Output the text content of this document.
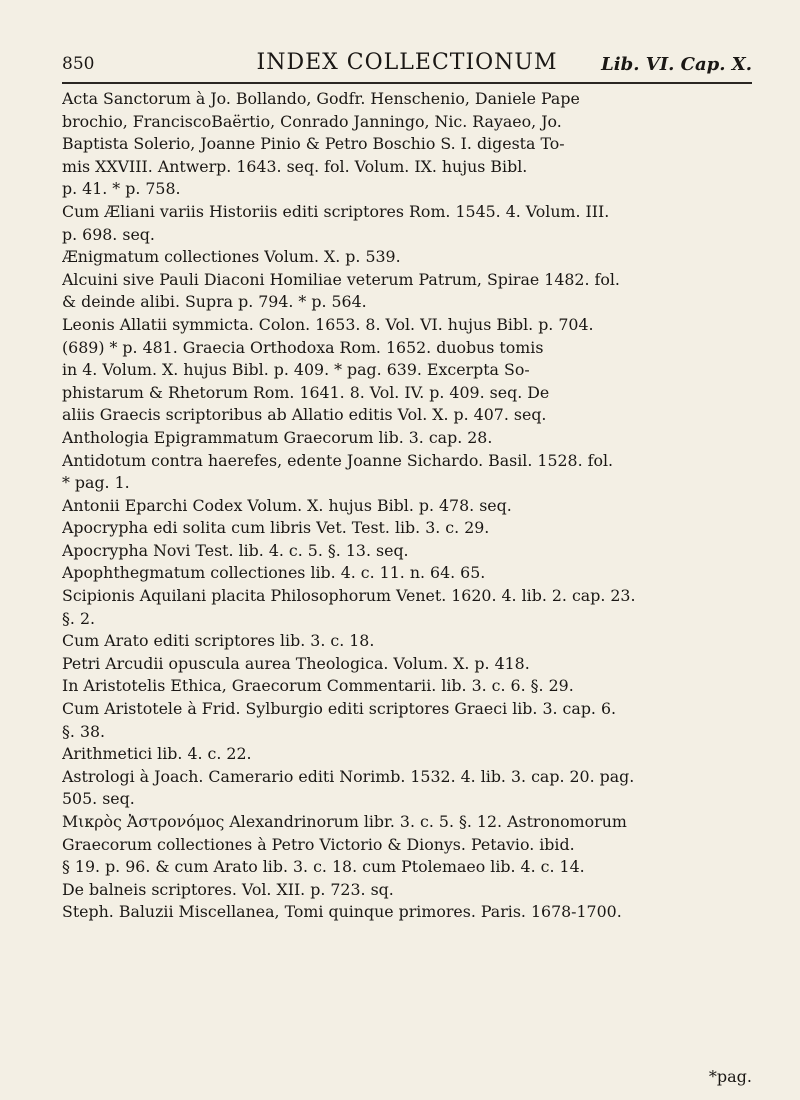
850	INDEX COLLECTIONUM	Lib. VI. Cap. X.
Acta Sanctorum à Jo. Bollando, Godfr. Henschenio, Daniele Pape
brochio, FranciscoBaërtio, Conrado Janningo, Nic. Rayaeo, Jo.
Baptista Solerio, Joanne Pinio & Petro Boschio S. I. digesta To-
mis XXVIII. Antwerp. 1643. seq. fol. Volum. IX. hujus Bibl.
p. 41. * p. 758.
Cum Æliani variis Historiis editi scriptores Rom. 1545. 4. Volum. III.
p. 698. seq.
Ænigmatum collectiones Volum. X. p. 539.
Alcuini sive Pauli Diaconi Homiliae veterum Patrum, Spirae 1482. fol.
& deinde alibi. Supra p. 794. * p. 564.
Leonis Allatii symmicta. Colon. 1653. 8. Vol. VI. hujus Bibl. p. 704.
(689) * p. 481. Graecia Orthodoxa Rom. 1652. duobus tomis
in 4. Volum. X. hujus Bibl. p. 409. * pag. 639. Excerpta So-
phistarum & Rhetorum Rom. 1641. 8. Vol. IV. p. 409. seq. De
aliis Graecis scriptoribus ab Allatio editis Vol. X. p. 407. seq.
Anthologia Epigrammatum Graecorum lib. 3. cap. 28.
Antidotum contra haerefes, edente Joanne Sichardo. Basil. 1528. fol.
* pag. 1.
Antonii Eparchi Codex Volum. X. hujus Bibl. p. 478. seq.
Apocrypha edi solita cum libris Vet. Test. lib. 3. c. 29.
Apocrypha Novi Test. lib. 4. c. 5. §. 13. seq.
Apophthegmatum collectiones lib. 4. c. 11. n. 64. 65.
Scipionis Aquilani placita Philosophorum Venet. 1620. 4. lib. 2. cap. 23.
§. 2.
Cum Arato editi scriptores lib. 3. c. 18.
Petri Arcudii opuscula aurea Theologica. Volum. X. p. 418.
In Aristotelis Ethica, Graecorum Commentarii. lib. 3. c. 6. §. 29.
Cum Aristotele à Frid. Sylburgio editi scriptores Graeci lib. 3. cap. 6.
§. 38.
Arithmetici lib. 4. c. 22.
Astrologi à Joach. Camerario editi Norimb. 1532. 4. lib. 3. cap. 20. pag.
505. seq.
Μικρὸς Ἀστρονόμος Alexandrinorum libr. 3. c. 5. §. 12. Astronomorum
Graecorum collectiones à Petro Victorio & Dionys. Petavio. ibid.
§ 19. p. 96. & cum Arato lib. 3. c. 18. cum Ptolemaeo lib. 4. c. 14.
De balneis scriptores. Vol. XII. p. 723. sq.
Steph. Baluzii Miscellanea, Tomi quinque primores. Paris. 1678-1700.
*pag.
